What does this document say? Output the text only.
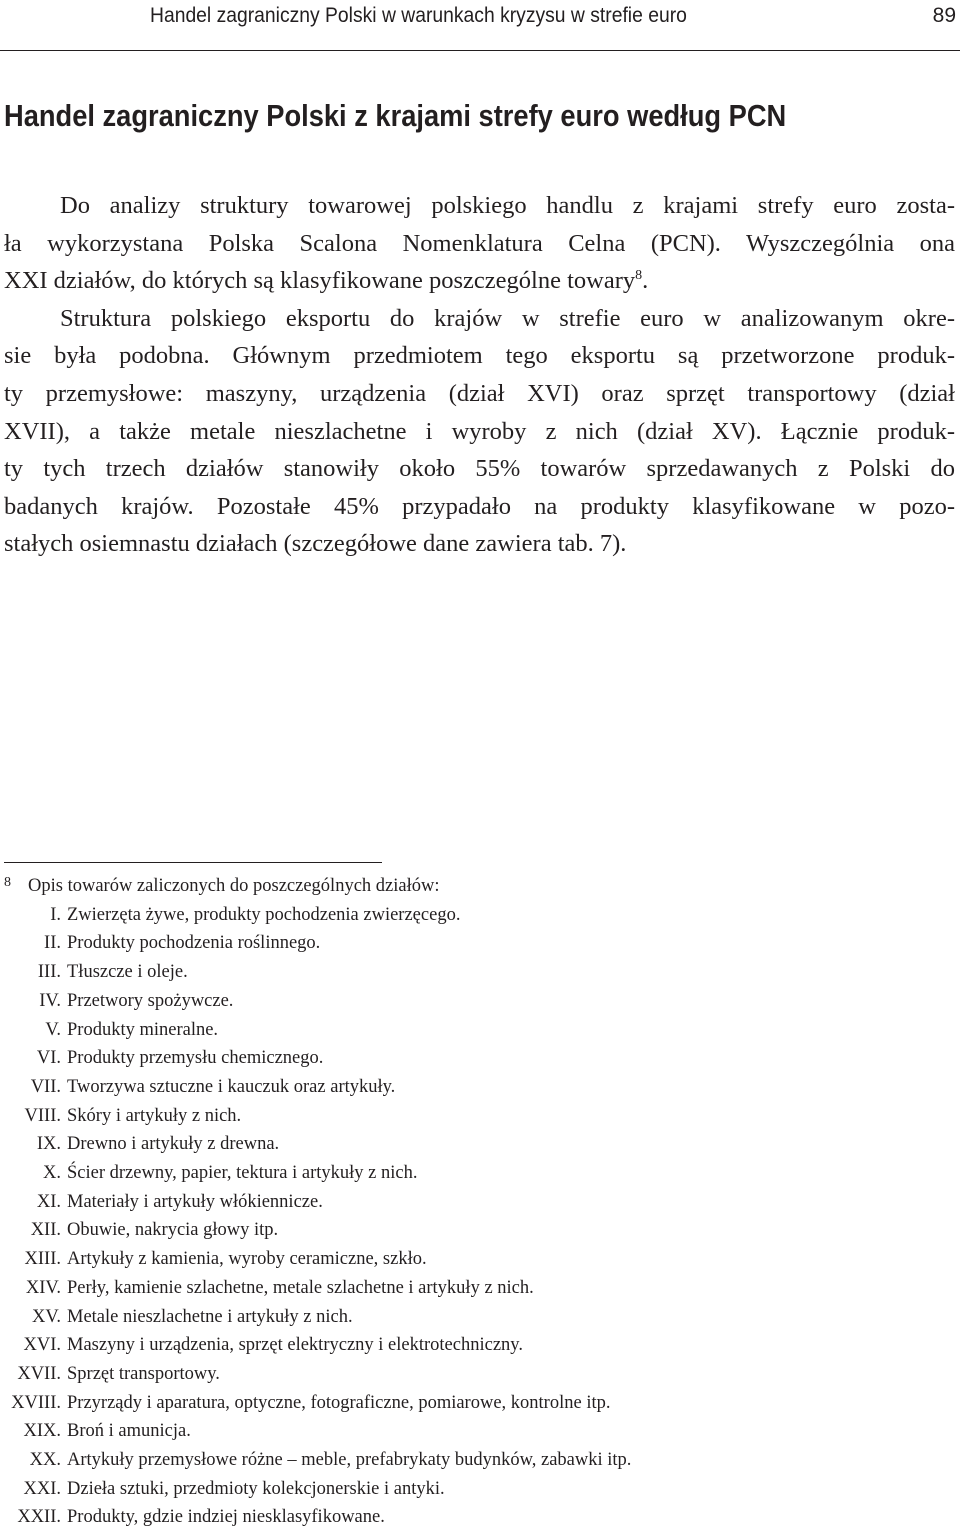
Handel zagraniczny Polski w warunkach kryzysu w strefie euro	89
Handel zagraniczny Polski z krajami strefy euro według PCN
Do analizy struktury towarowej polskiego handlu z krajami strefy euro zosta-
ła wykorzystana Polska Scalona Nomenklatura Celna (PCN). Wyszczególnia ona
XXI działów, do których są klasyfikowane poszczególne towary$^8$.
Struktura polskiego eksportu do krajów w strefie euro w analizowanym okre-
sie była podobna. Głównym przedmiotem tego eksportu są przetworzone produk-
ty przemysłowe: maszyny, urządzenia (dział XVI) oraz sprzęt transportowy (dział
XVII), a także metale nieszlachetne i wyroby z nich (dział XV). Łącznie produk-
ty tych trzech działów stanowiły około 55% towarów sprzedawanych z Polski do
badanych krajów. Pozostałe 45% przypadało na produkty klasyfikowane w pozo-
stałych osiemnastu działach (szczegółowe dane zawiera tab. 7).
8 Opis towarów zaliczonych do poszczególnych działów:
I. Zwierzęta żywe, produkty pochodzenia zwierzęcego.
II. Produkty pochodzenia roślinnego.
III. Tłuszcze i oleje.
IV. Przetwory spożywcze.
V. Produkty mineralne.
VI. Produkty przemysłu chemicznego.
VII. Tworzywa sztuczne i kauczuk oraz artykuły.
VIII. Skóry i artykuły z nich.
IX. Drewno i artykuły z drewna.
X. Ścier drzewny, papier, tektura i artykuły z nich.
XI. Materiały i artykuły włókiennicze.
XII. Obuwie, nakrycia głowy itp.
XIII. Artykuły z kamienia, wyroby ceramiczne, szkło.
XIV. Perły, kamienie szlachetne, metale szlachetne i artykuły z nich.
XV. Metale nieszlachetne i artykuły z nich.
XVI. Maszyny i urządzenia, sprzęt elektryczny i elektrotechniczny.
XVII. Sprzęt transportowy.
XVIII. Przyrządy i aparatura, optyczne, fotograficzne, pomiarowe, kontrolne itp.
XIX. Broń i amunicja.
XX. Artykuły przemysłowe różne – meble, prefabrykaty budynków, zabawki itp.
XXI. Dzieła sztuki, przedmioty kolekcjonerskie i antyki.
XXII. Produkty, gdzie indziej niesklasyfikowane.
